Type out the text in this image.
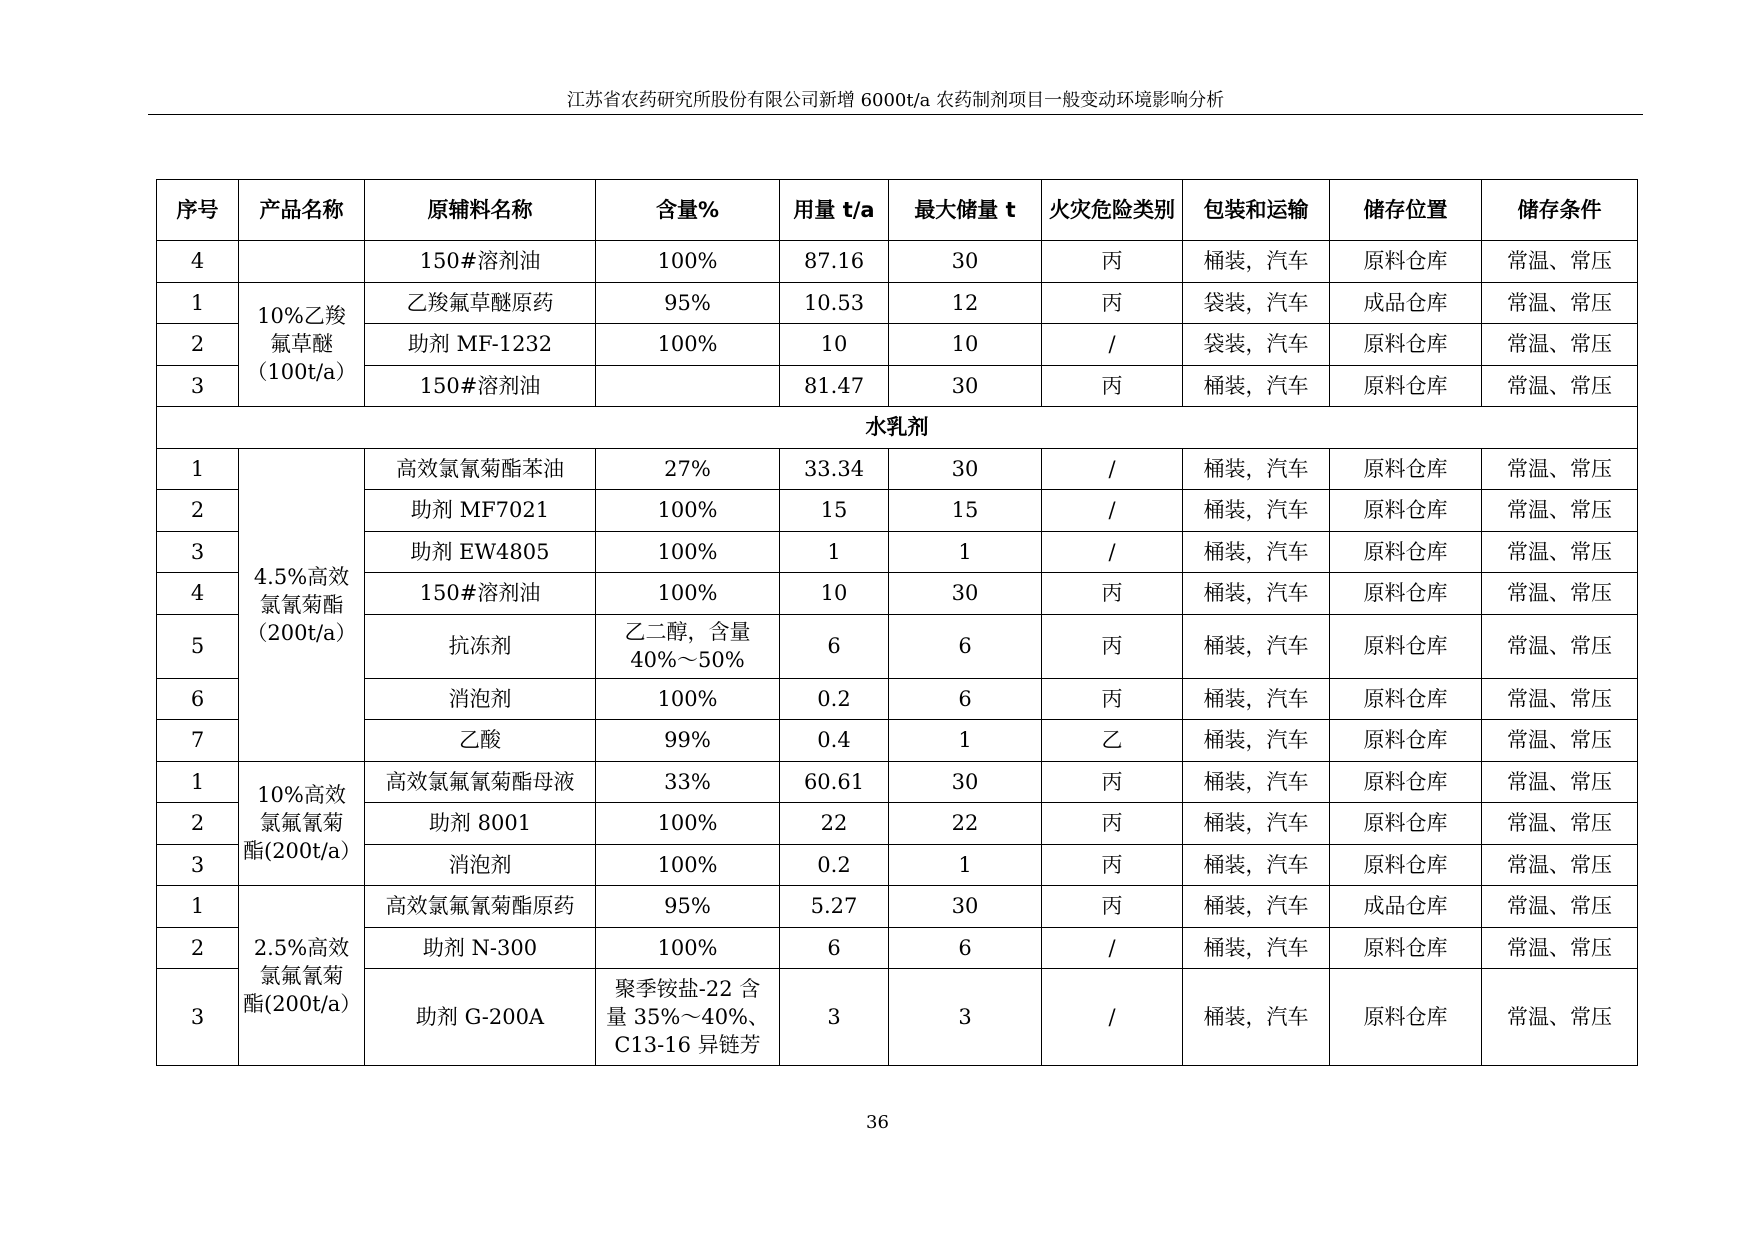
江苏省农药研究所股份有限公司新增 6000t/a 农药制剂项目一般变动环境影响分析
序号	产品名称	原辅料名称	含量%	用量 t/a	最大储量 t	火灾危险类别	包装和运输	储存位置	储存条件
4		150#溶剂油	100%	87.16	30	丙	桶装，汽车	原料仓库	常温、常压
1	10%乙羧
氟草醚
（100t/a）	乙羧氟草醚原药	95%	10.53	12	丙	袋装，汽车	成品仓库	常温、常压
2		助剂 MF-1232	100%	10	10	/	袋装，汽车	原料仓库	常温、常压
3		150#溶剂油		81.47	30	丙	桶装，汽车	原料仓库	常温、常压
水乳剂									
1	4.5%高效
氯氰菊酯
（200t/a）	高效氯氰菊酯苯油	27%	33.34	30	/	桶装，汽车	原料仓库	常温、常压
2		助剂 MF7021	100%	15	15	/	桶装，汽车	原料仓库	常温、常压
3		助剂 EW4805	100%	1	1	/	桶装，汽车	原料仓库	常温、常压
4		150#溶剂油	100%	10	30	丙	桶装，汽车	原料仓库	常温、常压
5		抗冻剂	乙二醇，含量
40%～50%	6	6	丙	桶装，汽车	原料仓库	常温、常压
6		消泡剂	100%	0.2	6	丙	桶装，汽车	原料仓库	常温、常压
7		乙酸	99%	0.4	1	乙	桶装，汽车	原料仓库	常温、常压
1	10%高效
氯氟氰菊
酯(200t/a）	高效氯氟氰菊酯母液	33%	60.61	30	丙	桶装，汽车	原料仓库	常温、常压
2		助剂 8001	100%	22	22	丙	桶装，汽车	原料仓库	常温、常压
3		消泡剂	100%	0.2	1	丙	桶装，汽车	原料仓库	常温、常压
1	2.5%高效
氯氟氰菊
酯(200t/a）	高效氯氟氰菊酯原药	95%	5.27	30	丙	桶装，汽车	成品仓库	常温、常压
2		助剂 N-300	100%	6	6	/	桶装，汽车	原料仓库	常温、常压
3		助剂 G-200A	聚季铵盐-22 含
量 35%～40%、
C13-16 异链芳	3	3	/	桶装，汽车	原料仓库	常温、常压
36
